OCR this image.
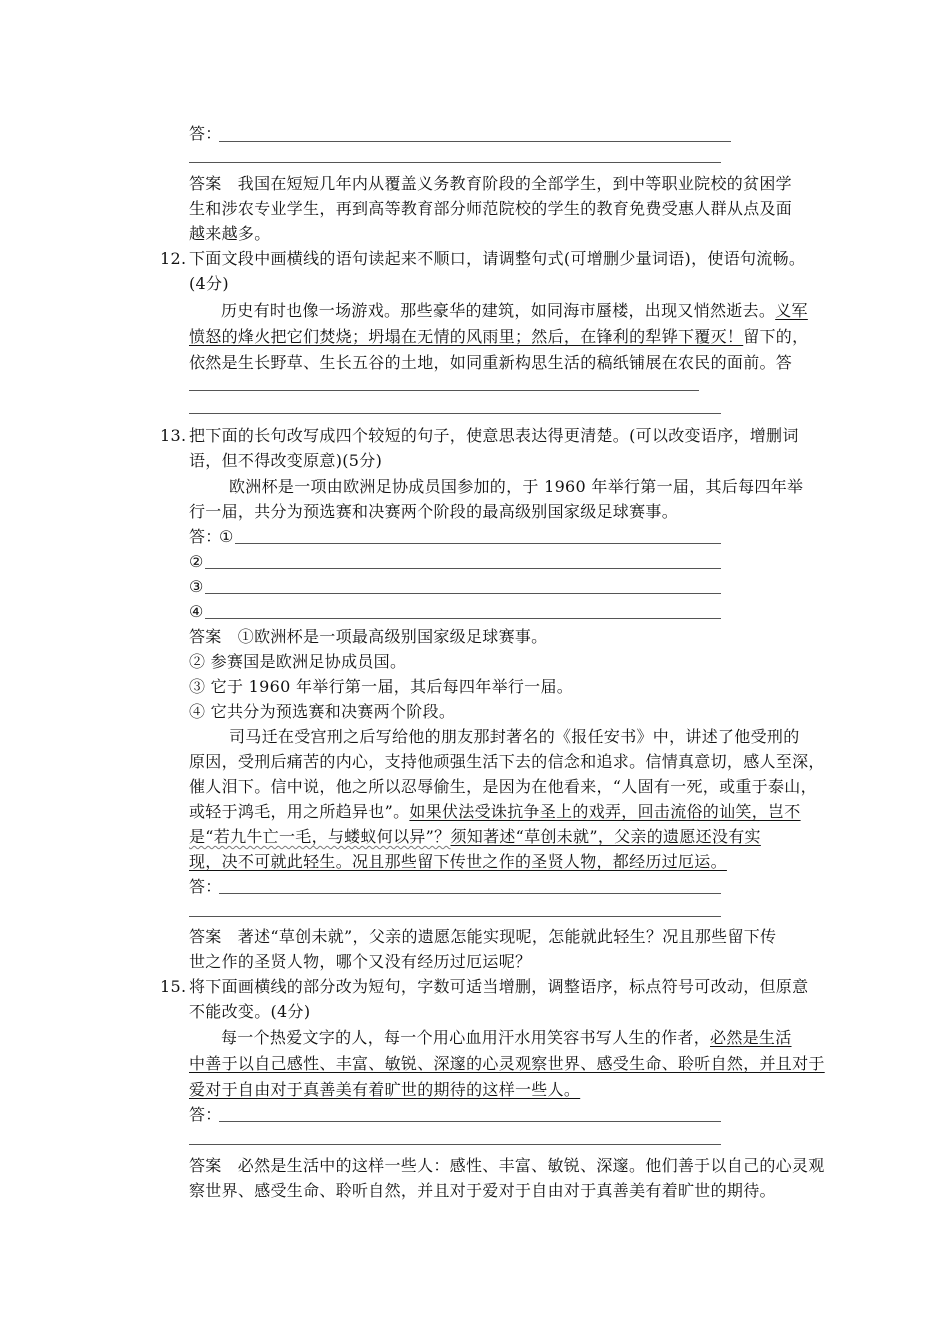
答：
答案 我国在短短几年内从覆盖义务教育阶段的全部学生，到中等职业院校的贫困学
生和涉农专业学生，再到高等教育部分师范院校的学生的教育免费受惠人群从点及面
越来越多。
12. 下面文段中画横线的语句读起来不顺口，请调整句式(可增删少量词语)，使语句流畅。
(4分)
历史有时也像一场游戏。那些豪华的建筑，如同海市蜃楼，出现又悄然逝去。义军
愤怒的烽火把它们焚烧；坍塌在无情的风雨里；然后，在锋利的犁铧下覆灭！留下的，
依然是生长野草、生长五谷的土地，如同重新构思生活的稿纸铺展在农民的面前。答
13. 把下面的长句改写成四个较短的句子，使意思表达得更清楚。(可以改变语序，增删词
语，但不得改变原意)(5分)
欧洲杯是一项由欧洲足协成员国参加的，于 1960 年举行第一届，其后每四年举
行一届，共分为预选赛和决赛两个阶段的最高级别国家级足球赛事。
答：
①
②
③
④
答案 ①欧洲杯是一项最高级别国家级足球赛事。
② 参赛国是欧洲足协成员国。
③ 它于 1960 年举行第一届，其后每四年举行一届。
④ 它共分为预选赛和决赛两个阶段。
司马迁在受宫刑之后写给他的朋友那封著名的《报任安书》中，讲述了他受刑的
原因，受刑后痛苦的内心，支持他顽强生活下去的信念和追求。信情真意切，感人至深，
催人泪下。信中说，他之所以忍辱偷生，是因为在他看来，“人固有一死，或重于泰山，
或轻于鸿毛，用之所趋异也”。如果伏法受诛抗争圣上的戏弄，回击流俗的讪笑，岂不
是“若九牛亡一毛，与蝼蚁何以异”？须知著述“草创未就”，父亲的遗愿还没有实
现，决不可就此轻生。况且那些留下传世之作的圣贤人物，都经历过厄运。
答：
答案 著述“草创未就”，父亲的遗愿怎能实现呢，怎能就此轻生？况且那些留下传
世之作的圣贤人物，哪个又没有经历过厄运呢？
15. 将下面画横线的部分改为短句，字数可适当增删，调整语序，标点符号可改动，但原意
不能改变。(4分)
每一个热爱文字的人，每一个用心血用汗水用笑容书写人生的作者，必然是生活
中善于以自己感性、丰富、敏锐、深邃的心灵观察世界、感受生命、聆听自然，并且对于
爱对于自由对于真善美有着旷世的期待的这样一些人。
答：
答案 必然是生活中的这样一些人：感性、丰富、敏锐、深邃。他们善于以自己的心灵观
察世界、感受生命、聆听自然，并且对于爱对于自由对于真善美有着旷世的期待。
